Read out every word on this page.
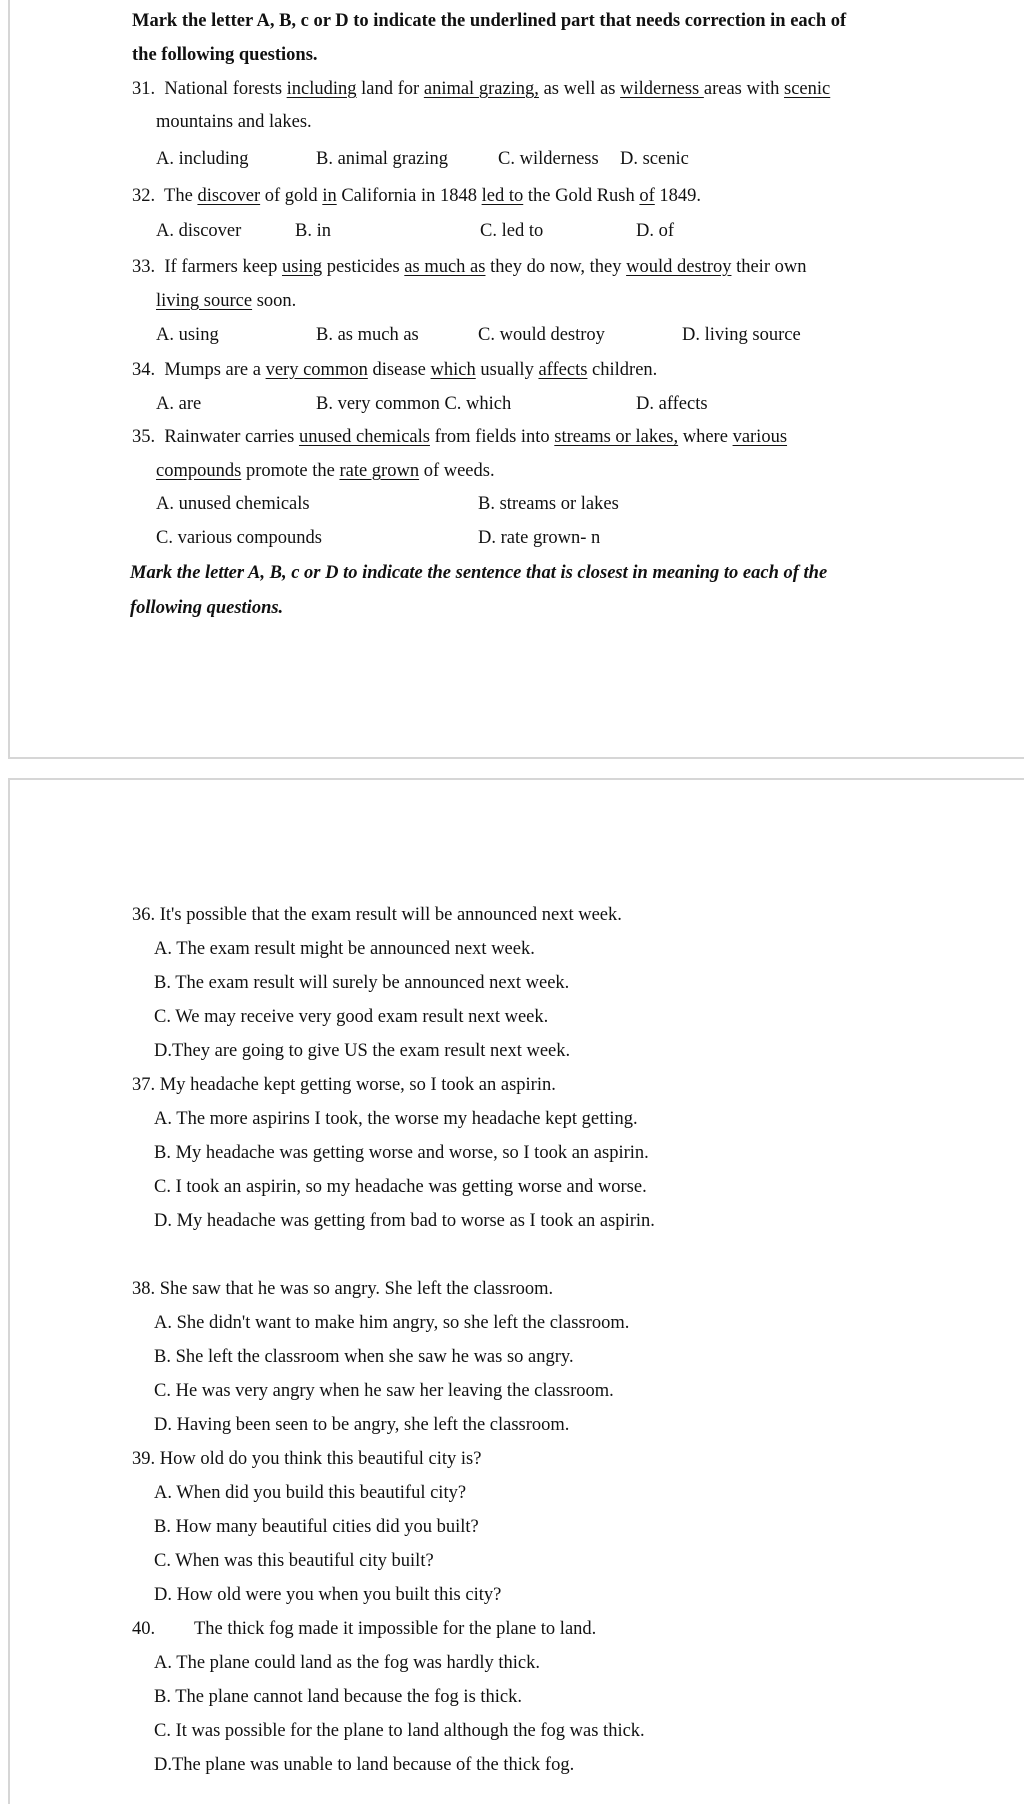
Mark the letter A, B, c or D to indicate the underlined part that needs correction in each of
the following questions.
31. National forests including land for animal grazing, as well as wilderness areas with scenic
mountains and lakes.
A. including	B. animal grazing	C. wilderness D. scenic
32. The discover of gold in California in 1848 led to the Gold Rush of 1849.
A. discover	B. in	C. led to	D. of
33. If farmers keep using pesticides as much as they do now, they would destroy their own
living source soon.
A. using	B. as much as	C. would destroy	D. living source
34. Mumps are a very common disease which usually affects children.
A. are	B. very common C. which	D. affects
35. Rainwater carries unused chemicals from fields into streams or lakes, where various
compounds promote the rate grown of weeds.
A. unused chemicals	B. streams or lakes
C. various compounds	D. rate grown- n
Mark the letter A, B, c or D to indicate the sentence that is closest in meaning to each of the
following questions.
36. It's possible that the exam result will be announced next week.
A. The exam result might be announced next week.
B. The exam result will surely be announced next week.
C. We may receive very good exam result next week.
D.They are going to give US the exam result next week.
37. My headache kept getting worse, so I took an aspirin.
A. The more aspirins I took, the worse my headache kept getting.
B. My headache was getting worse and worse, so I took an aspirin.
C. I took an aspirin, so my headache was getting worse and worse.
D. My headache was getting from bad to worse as I took an aspirin.
38. She saw that he was so angry. She left the classroom.
A. She didn't want to make him angry, so she left the classroom.
B. She left the classroom when she saw he was so angry.
C. He was very angry when he saw her leaving the classroom.
D. Having been seen to be angry, she left the classroom.
39. How old do you think this beautiful city is?
A. When did you build this beautiful city?
B. How many beautiful cities did you built?
C. When was this beautiful city built?
D. How old were you when you built this city?
40. The thick fog made it impossible for the plane to land.
A. The plane could land as the fog was hardly thick.
B. The plane cannot land because the fog is thick.
C. It was possible for the plane to land although the fog was thick.
D.The plane was unable to land because of the thick fog.
